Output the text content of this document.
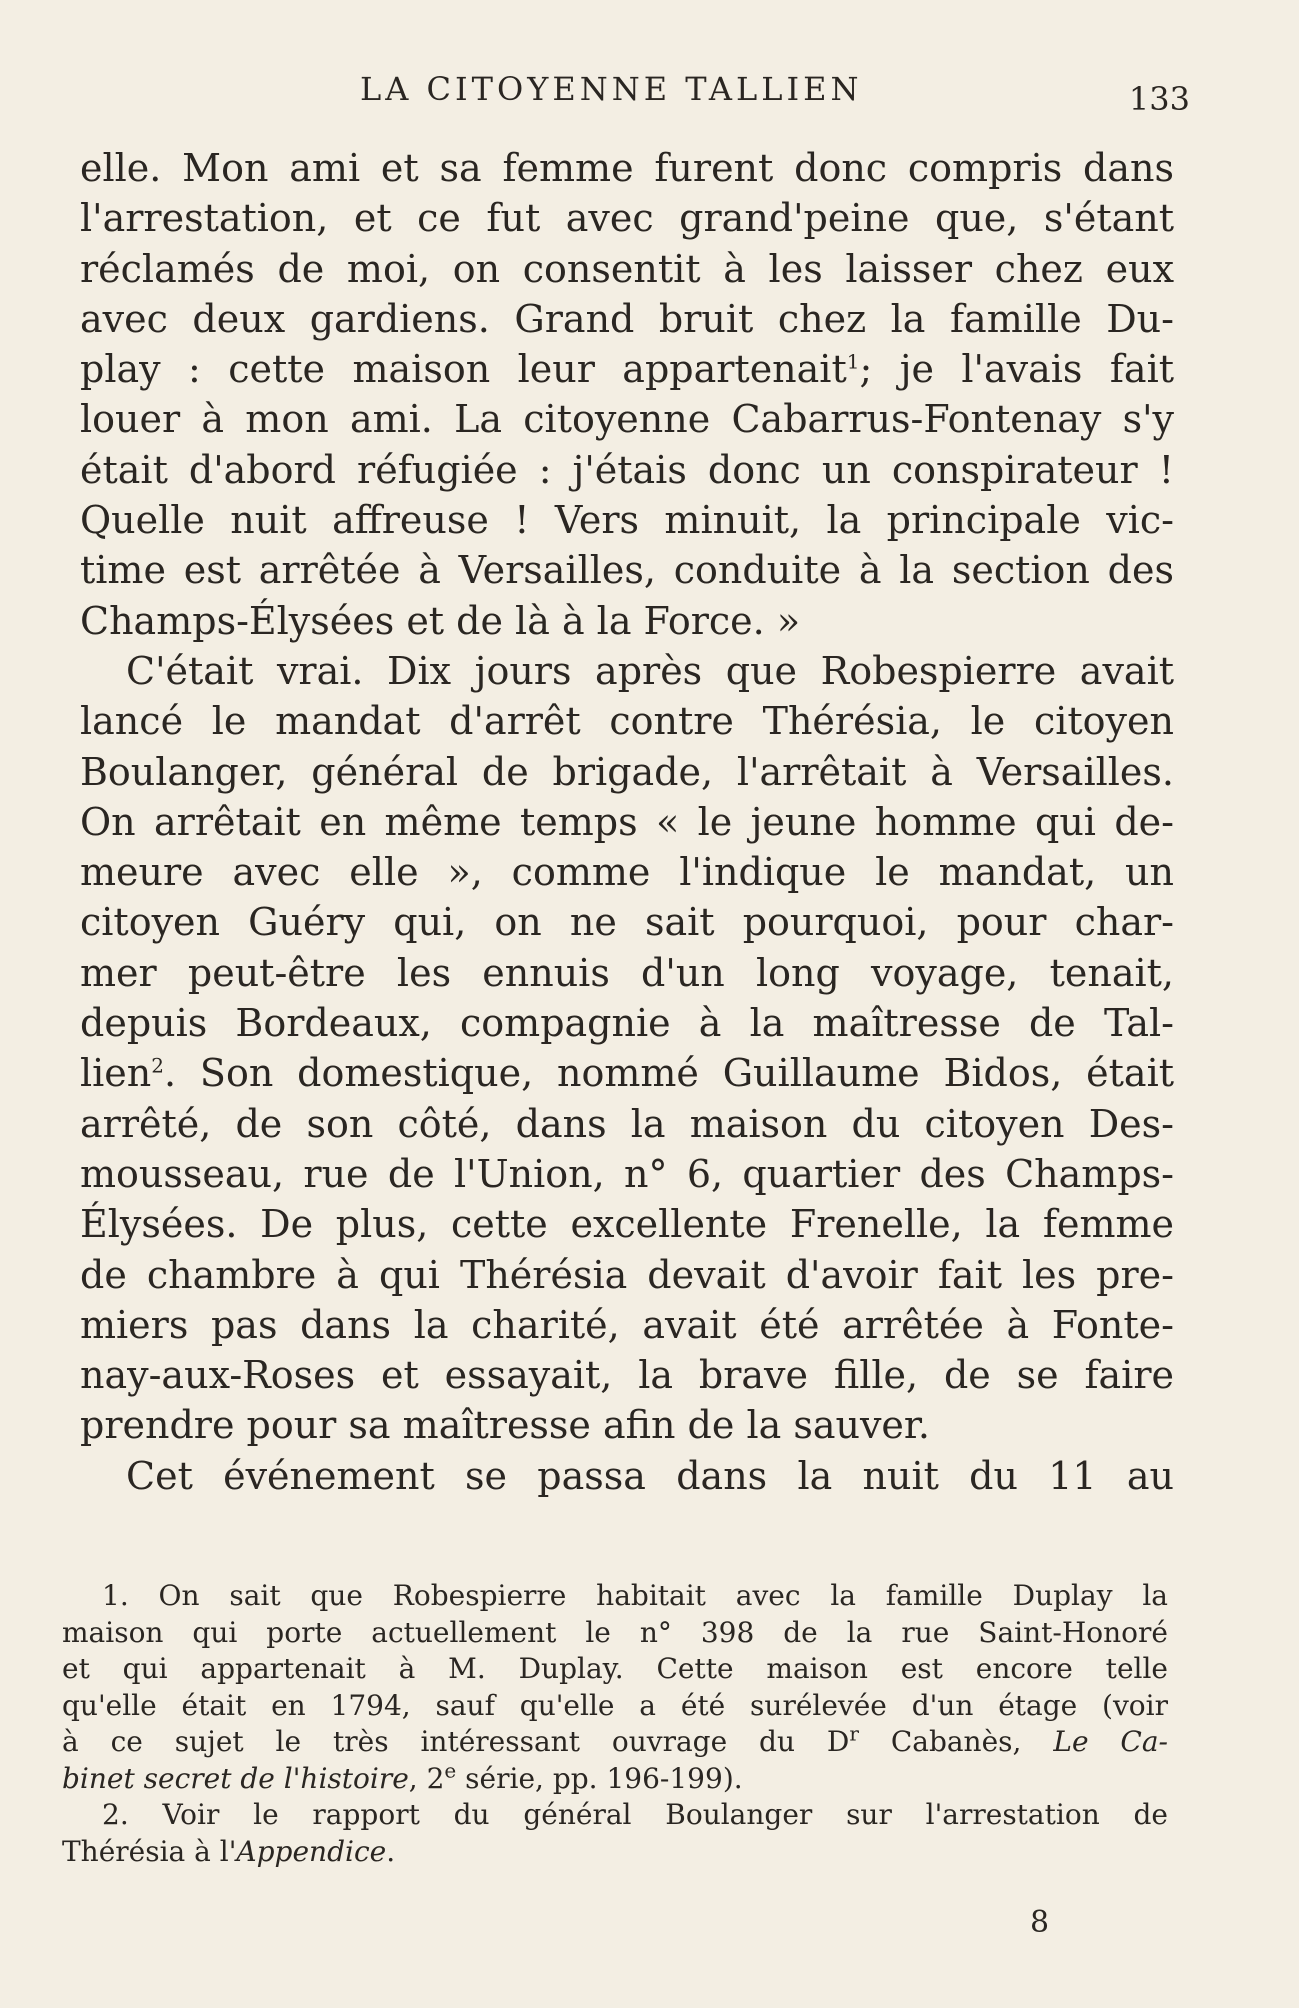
LA CITOYENNE TALLIEN	133
elle. Mon ami et sa femme furent donc compris dans
l'arrestation, et ce fut avec grand'peine que, s'étant
réclamés de moi, on consentit à les laisser chez eux
avec deux gardiens. Grand bruit chez la famille Du-
play : cette maison leur appartenait$^1$; je l'avais fait
louer à mon ami. La citoyenne Cabarrus-Fontenay s'y
était d'abord réfugiée : j'étais donc un conspirateur !
Quelle nuit affreuse ! Vers minuit, la principale vic-
time est arrêtée à Versailles, conduite à la section des
Champs-Élysées et de là à la Force. »
C'était vrai. Dix jours après que Robespierre avait
lancé le mandat d'arrêt contre Thérésia, le citoyen
Boulanger, général de brigade, l'arrêtait à Versailles.
On arrêtait en même temps « le jeune homme qui de-
meure avec elle », comme l'indique le mandat, un
citoyen Guéry qui, on ne sait pourquoi, pour char-
mer peut-être les ennuis d'un long voyage, tenait,
depuis Bordeaux, compagnie à la maîtresse de Tal-
lien$^2$. Son domestique, nommé Guillaume Bidos, était
arrêté, de son côté, dans la maison du citoyen Des-
mousseau, rue de l'Union, n° 6, quartier des Champs-
Élysées. De plus, cette excellente Frenelle, la femme
de chambre à qui Thérésia devait d'avoir fait les pre-
miers pas dans la charité, avait été arrêtée à Fonte-
nay-aux-Roses et essayait, la brave fille, de se faire
prendre pour sa maîtresse afin de la sauver.
Cet événement se passa dans la nuit du 11 au
1. On sait que Robespierre habitait avec la famille Duplay la
maison qui porte actuellement le n° 398 de la rue Saint-Honoré
et qui appartenait à M. Duplay. Cette maison est encore telle
qu'elle était en 1794, sauf qu'elle a été surélevée d'un étage (voir
à ce sujet le très intéressant ouvrage du $D^r$ Cabanès, Le Ca-
binet secret de l'histoire, 2e série, pp. 196-199).
2. Voir le rapport du général Boulanger sur l'arrestation de
Thérésia à l'Appendice.
8
